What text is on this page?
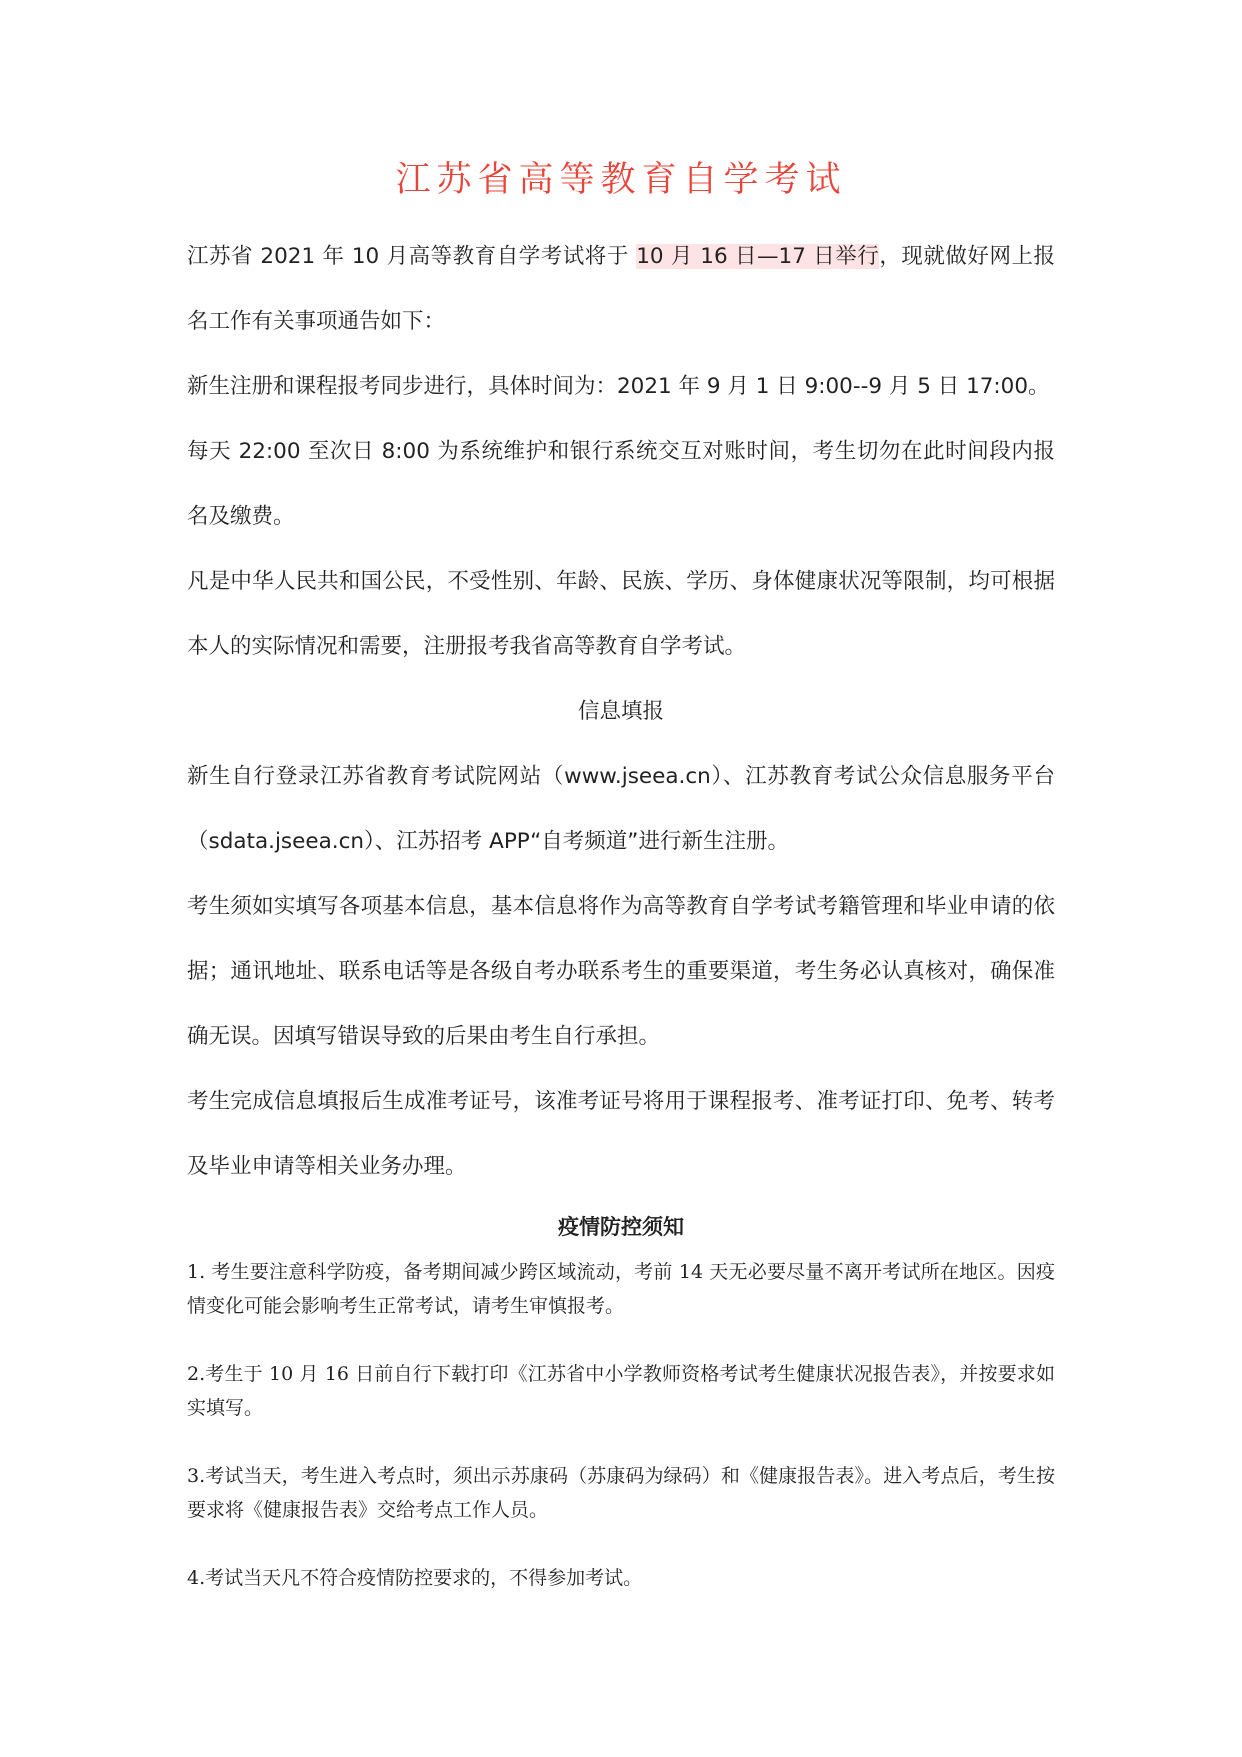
江苏省高等教育自学考试

江苏省 2021 年 10 月高等教育自学考试将于 10 月 16 日—17 日举行，现就做好网上报名工作有关事项通告如下：

新生注册和课程报考同步进行，具体时间为：2021 年 9 月 1 日 9:00--9 月 5 日 17:00。

每天 22:00 至次日 8:00 为系统维护和银行系统交互对账时间，考生切勿在此时间段内报名及缴费。

凡是中华人民共和国公民，不受性别、年龄、民族、学历、身体健康状况等限制，均可根据本人的实际情况和需要，注册报考我省高等教育自学考试。

信息填报

新生自行登录江苏省教育考试院网站（www.jseea.cn）、江苏教育考试公众信息服务平台（sdata.jseea.cn）、江苏招考 APP“自考频道”进行新生注册。

考生须如实填写各项基本信息，基本信息将作为高等教育自学考试考籍管理和毕业申请的依据；通讯地址、联系电话等是各级自考办联系考生的重要渠道，考生务必认真核对，确保准确无误。因填写错误导致的后果由考生自行承担。

考生完成信息填报后生成准考证号，该准考证号将用于课程报考、准考证打印、免考、转考及毕业申请等相关业务办理。

疫情防控须知

1. 考生要注意科学防疫，备考期间减少跨区域流动，考前 14 天无必要尽量不离开考试所在地区。因疫情变化可能会影响考生正常考试，请考生审慎报考。

2.考生于 10 月 16 日前自行下载打印《江苏省中小学教师资格考试考生健康状况报告表》，并按要求如实填写。

3.考试当天，考生进入考点时，须出示苏康码（苏康码为绿码）和《健康报告表》。进入考点后，考生按要求将《健康报告表》交给考点工作人员。

4.考试当天凡不符合疫情防控要求的，不得参加考试。
